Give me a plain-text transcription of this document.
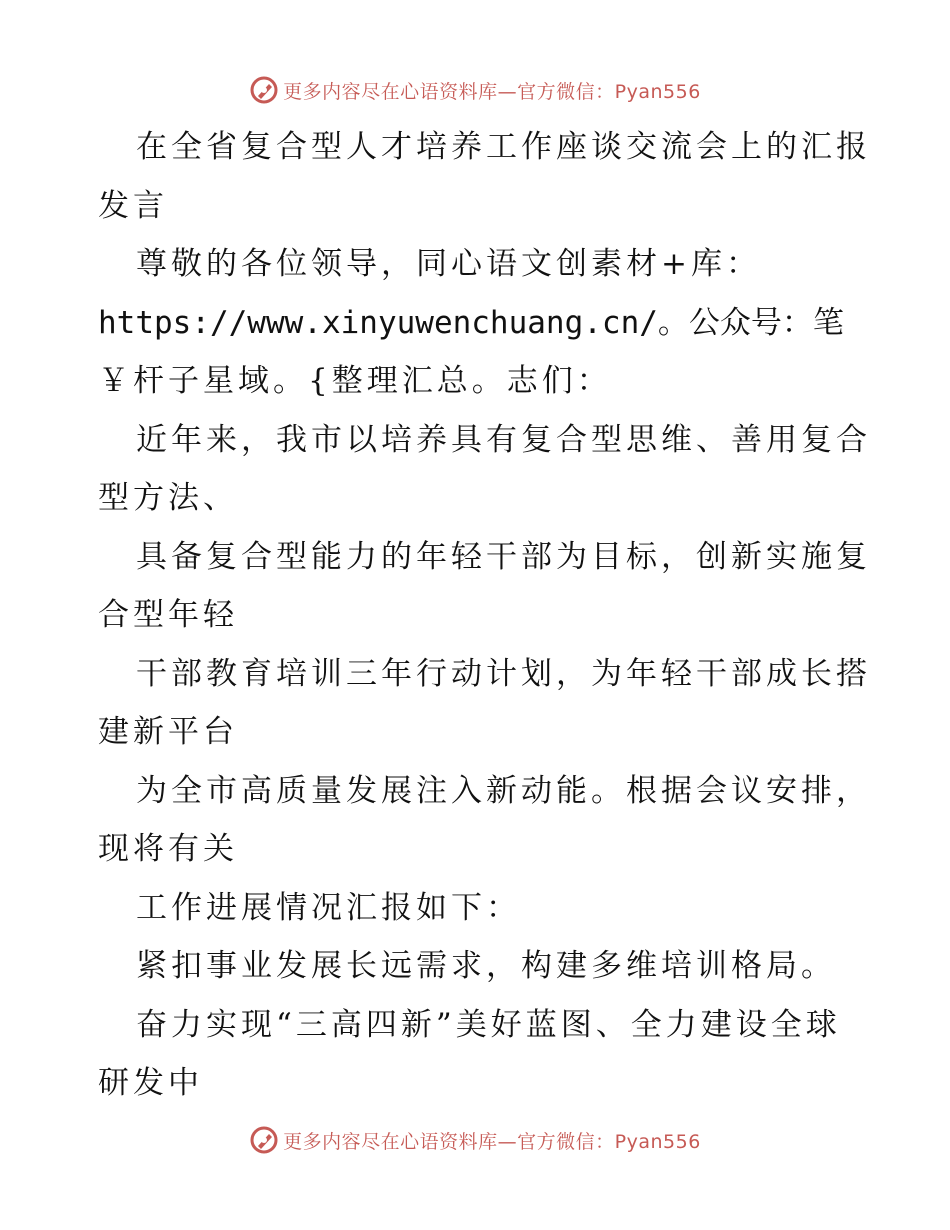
更多内容尽在心语资料库—官方微信：Pyan556
在全省复合型人才培养工作座谈交流会上的汇报
发言
尊敬的各位领导，同心语文创素材+库：
https://www.xinyuwenchuang.cn/。公众号：笔
￥杆子星域。{整理汇总。志们：
近年来，我市以培养具有复合型思维、善用复合
型方法、
具备复合型能力的年轻干部为目标，创新实施复
合型年轻
干部教育培训三年行动计划，为年轻干部成长搭
建新平台
为全市高质量发展注入新动能。根据会议安排，
现将有关
工作进展情况汇报如下：
紧扣事业发展长远需求，构建多维培训格局。
奋力实现“三高四新”美好蓝图、全力建设全球
研发中
更多内容尽在心语资料库—官方微信：Pyan556
